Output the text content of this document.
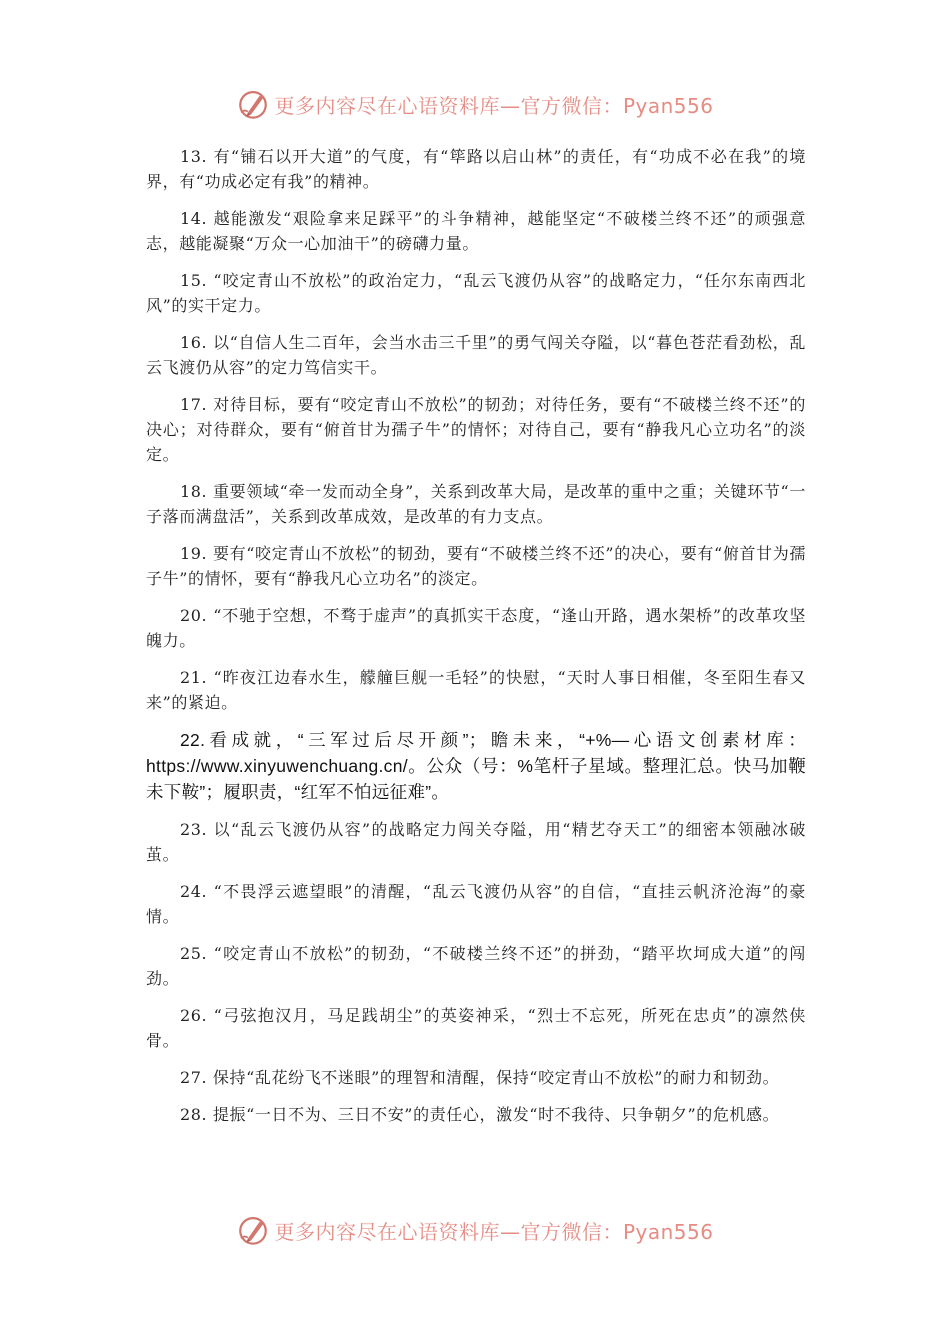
更多内容尽在心语资料库—官方微信：Pyan556

13. 有“铺石以开大道”的气度，有“筚路以启山林”的责任，有“功成不必在我”的境界，有“功成必定有我”的精神。

14. 越能激发“艰险拿来足踩平”的斗争精神，越能坚定“不破楼兰终不还”的顽强意志，越能凝聚“万众一心加油干”的磅礴力量。

15. “咬定青山不放松”的政治定力，“乱云飞渡仍从容”的战略定力，“任尔东南西北风”的实干定力。

16. 以“自信人生二百年，会当水击三千里”的勇气闯关夺隘，以“暮色苍茫看劲松，乱云飞渡仍从容”的定力笃信实干。

17. 对待目标，要有“咬定青山不放松”的韧劲；对待任务，要有“不破楼兰终不还”的决心；对待群众，要有“俯首甘为孺子牛”的情怀；对待自己，要有“静我凡心立功名”的淡定。

18. 重要领域“牵一发而动全身”，关系到改革大局，是改革的重中之重；关键环节“一子落而满盘活”，关系到改革成效，是改革的有力支点。

19. 要有“咬定青山不放松”的韧劲，要有“不破楼兰终不还”的决心，要有“俯首甘为孺子牛”的情怀，要有“静我凡心立功名”的淡定。

20. “不驰于空想，不骛于虚声”的真抓实干态度，“逢山开路，遇水架桥”的改革攻坚魄力。

21. “昨夜江边春水生，艨艟巨舰一毛轻”的快慰，“天时人事日相催，冬至阳生春又来”的紧迫。

22.看成就，“三军过后尽开颜”；瞻未来，“+%—心语文创素材库：https://www.xinyuwenchuang.cn/。公众（号：%笔杆子星域。整理汇总。快马加鞭未下鞍”；履职责，“红军不怕远征难”。

23. 以“乱云飞渡仍从容”的战略定力闯关夺隘，用“精艺夺天工”的细密本领融冰破茧。

24. “不畏浮云遮望眼”的清醒，“乱云飞渡仍从容”的自信，“直挂云帆济沧海”的豪情。

25. “咬定青山不放松”的韧劲，“不破楼兰终不还”的拼劲，“踏平坎坷成大道”的闯劲。

26. “弓弦抱汉月，马足践胡尘”的英姿神采，“烈士不忘死，所死在忠贞”的凛然侠骨。

27. 保持“乱花纷飞不迷眼”的理智和清醒，保持“咬定青山不放松”的耐力和韧劲。

28. 提振“一日不为、三日不安”的责任心，激发“时不我待、只争朝夕”的危机感。

更多内容尽在心语资料库—官方微信：Pyan556
